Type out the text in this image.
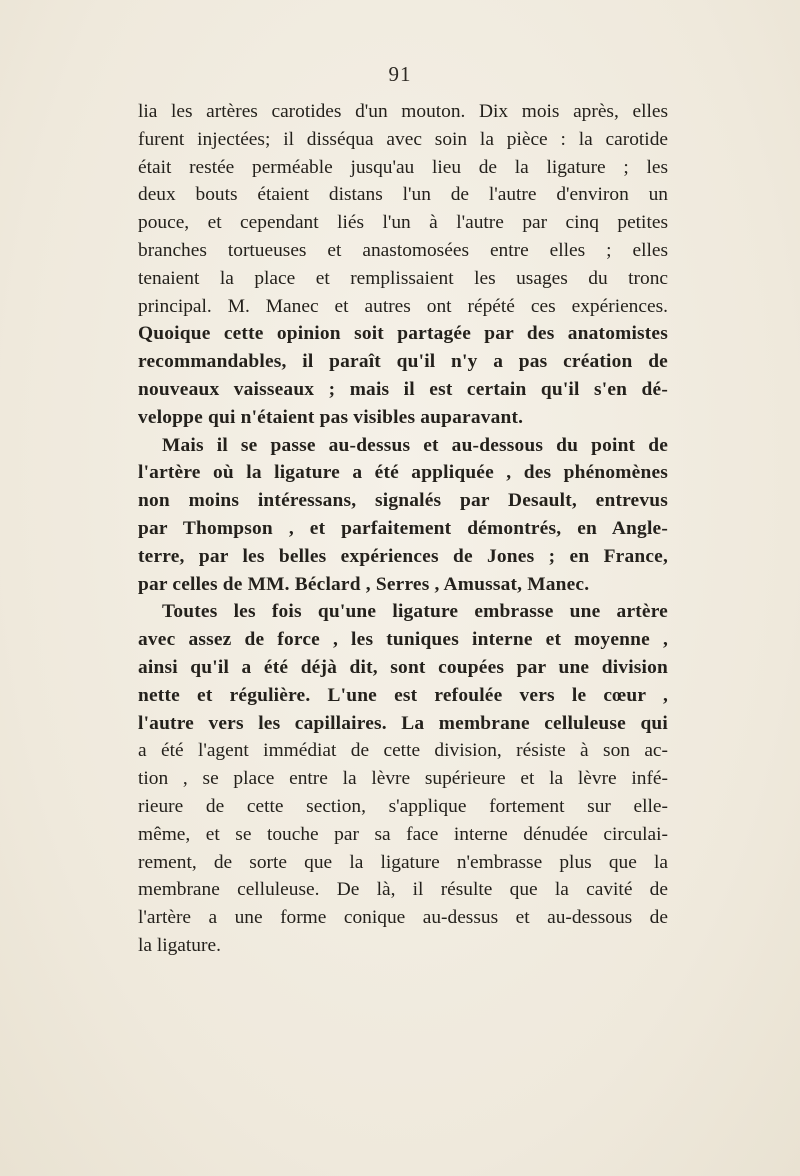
91
lia les artères carotides d'un mouton. Dix mois après, elles
furent injectées; il disséqua avec soin la pièce : la carotide
était restée perméable jusqu'au lieu de la ligature ; les
deux bouts étaient distans l'un de l'autre d'environ un
pouce, et cependant liés l'un à l'autre par cinq petites
branches tortueuses et anastomosées entre elles ; elles
tenaient la place et remplissaient les usages du tronc
principal. M. Manec et autres ont répété ces expériences.
Quoique cette opinion soit partagée par des anatomistes
recommandables, il paraît qu'il n'y a pas création de
nouveaux vaisseaux ; mais il est certain qu'il s'en dé-
veloppe qui n'étaient pas visibles auparavant.
Mais il se passe au-dessus et au-dessous du point de
l'artère où la ligature a été appliquée , des phénomènes
non moins intéressans, signalés par Desault, entrevus
par Thompson , et parfaitement démontrés, en Angle-
terre, par les belles expériences de Jones ; en France,
par celles de MM. Béclard , Serres , Amussat, Manec.
Toutes les fois qu'une ligature embrasse une artère
avec assez de force , les tuniques interne et moyenne ,
ainsi qu'il a été déjà dit, sont coupées par une division
nette et régulière. L'une est refoulée vers le cœur ,
l'autre vers les capillaires. La membrane celluleuse qui
a été l'agent immédiat de cette division, résiste à son ac-
tion , se place entre la lèvre supérieure et la lèvre infé-
rieure de cette section, s'applique fortement sur elle-
même, et se touche par sa face interne dénudée circulai-
rement, de sorte que la ligature n'embrasse plus que la
membrane celluleuse. De là, il résulte que la cavité de
l'artère a une forme conique au-dessus et au-dessous de
la ligature.
